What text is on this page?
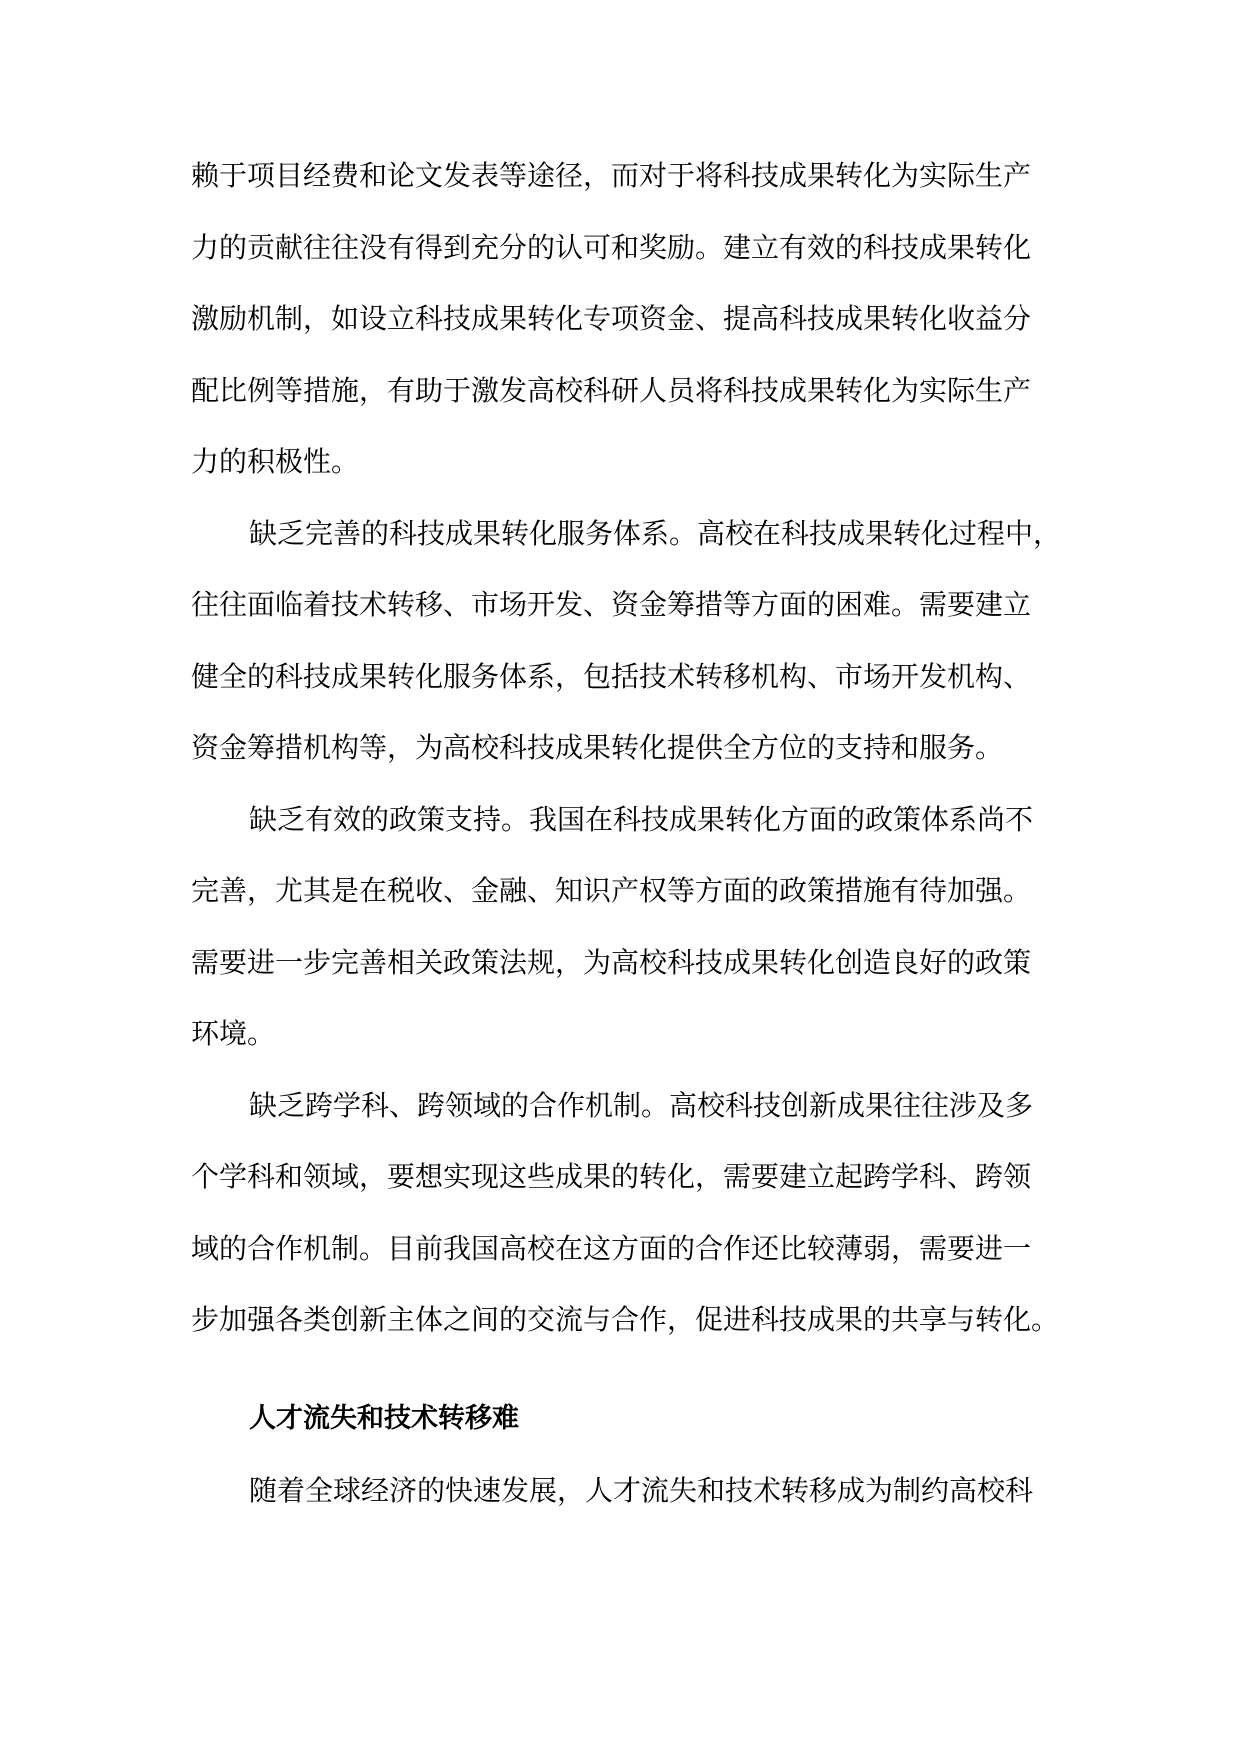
赖于项目经费和论文发表等途径，而对于将科技成果转化为实际生产
力的贡献往往没有得到充分的认可和奖励。建立有效的科技成果转化
激励机制，如设立科技成果转化专项资金、提高科技成果转化收益分
配比例等措施，有助于激发高校科研人员将科技成果转化为实际生产
力的积极性。

缺乏完善的科技成果转化服务体系。高校在科技成果转化过程中，
往往面临着技术转移、市场开发、资金筹措等方面的困难。需要建立
健全的科技成果转化服务体系，包括技术转移机构、市场开发机构、
资金筹措机构等，为高校科技成果转化提供全方位的支持和服务。

缺乏有效的政策支持。我国在科技成果转化方面的政策体系尚不
完善，尤其是在税收、金融、知识产权等方面的政策措施有待加强。
需要进一步完善相关政策法规，为高校科技成果转化创造良好的政策
环境。

缺乏跨学科、跨领域的合作机制。高校科技创新成果往往涉及多
个学科和领域，要想实现这些成果的转化，需要建立起跨学科、跨领
域的合作机制。目前我国高校在这方面的合作还比较薄弱，需要进一
步加强各类创新主体之间的交流与合作，促进科技成果的共享与转化。

人才流失和技术转移难

随着全球经济的快速发展，人才流失和技术转移成为制约高校科
